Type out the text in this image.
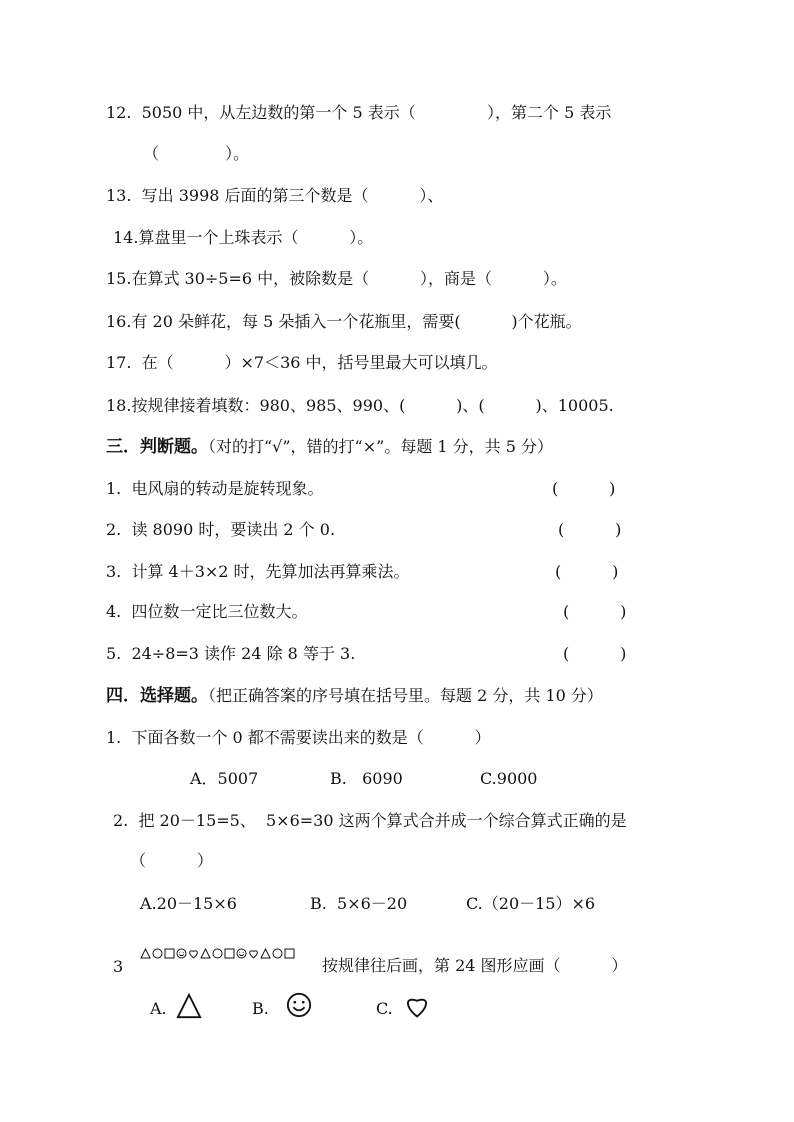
12.  5050 中，从左边数的第一个 5 表示（              ），第二个 5 表示
（             ）。
13.  写出 3998 后面的第三个数是（          ）、
14.算盘里一个上珠表示（          ）。
15.在算式 30÷5=6 中，被除数是（          ），商是（          ）。
16.有 20 朵鲜花，每 5 朵插入一个花瓶里，需要(          )个花瓶。
17.  在（          ）×7＜36 中，括号里最大可以填几。
18.按规律接着填数：980、985、990、(          )、(          )、10005.
三．判断题。（对的打“√”，错的打“×”。每题 1 分，共 5 分）
1.  电风扇的转动是旋转现象。	(          )
2.  读 8090 时，要读出 2 个 0.	(          )
3.  计算 4＋3×2 时，先算加法再算乘法。	(          )
4.  四位数一定比三位数大。	(          )
5.  24÷8=3 读作 24 除 8 等于 3.	(          )
四．选择题。（把正确答案的序号填在括号里。每题 2 分，共 10 分）
1.  下面各数一个 0 都不需要读出来的数是（          ）
A．5007	B.   6090	C.9000
2.  把 20－15=5、  5×6=30 这两个算式合并成一个综合算式正确的是
（          ）
A.20－15×6	B.  5×6－20	C.（20－15）×6
3	按规律往后画，第 24 图形应画（          ）
A.	B.	C.
